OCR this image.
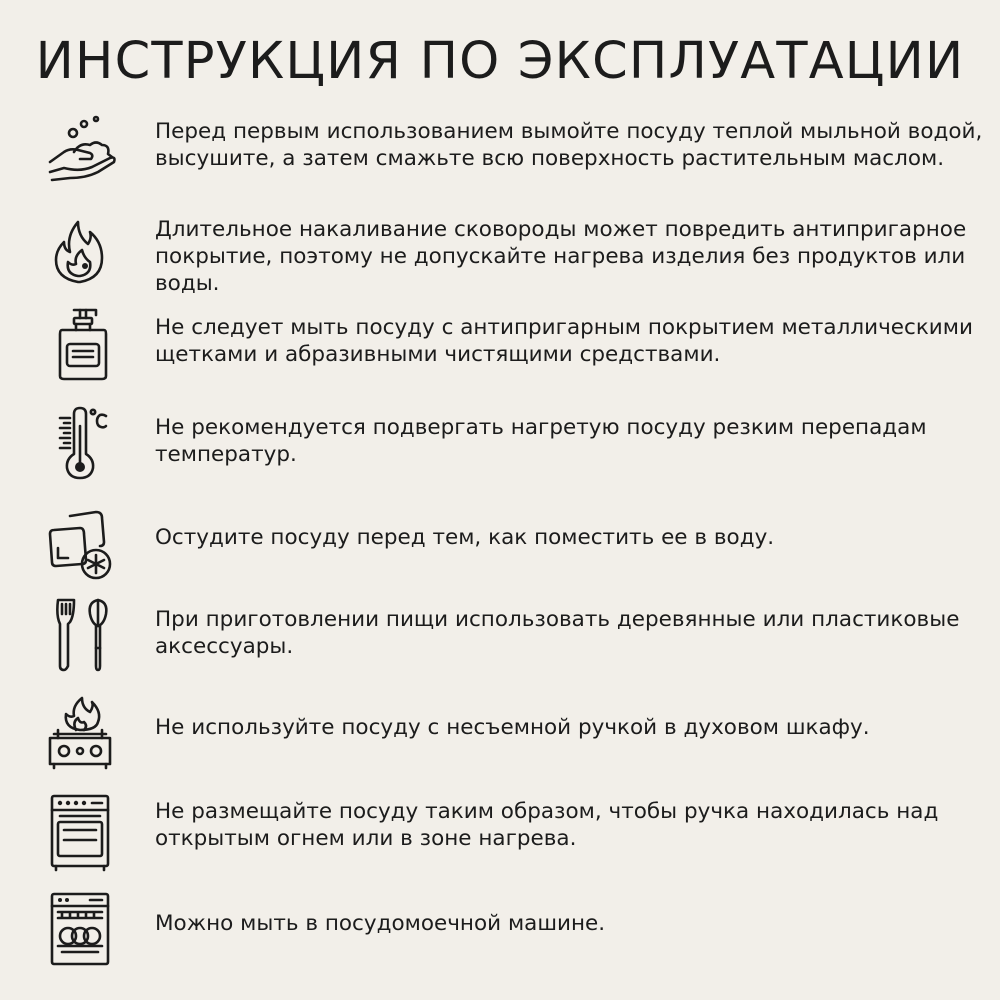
ИНСТРУКЦИЯ ПО ЭКСПЛУАТАЦИИ

Перед первым использованием вымойте посуду теплой мыльной водой, высушите, а затем смажьте всю поверхность растительным маслом.

Длительное накаливание сковороды может повредить антипригарное покрытие, поэтому не допускайте нагрева изделия без продуктов или воды.

Не следует мыть посуду с антипригарным покрытием металлическими щетками и абразивными чистящими средствами.

Не рекомендуется подвергать нагретую посуду резким перепадам температур.

Остудите посуду перед тем, как поместить ее в воду.

При приготовлении пищи использовать деревянные или пластиковые аксессуары.

Не используйте посуду с несъемной ручкой в духовом шкафу.

Не размещайте посуду таким образом, чтобы ручка находилась над открытым огнем или в зоне нагрева.

Можно мыть в посудомоечной машине.
